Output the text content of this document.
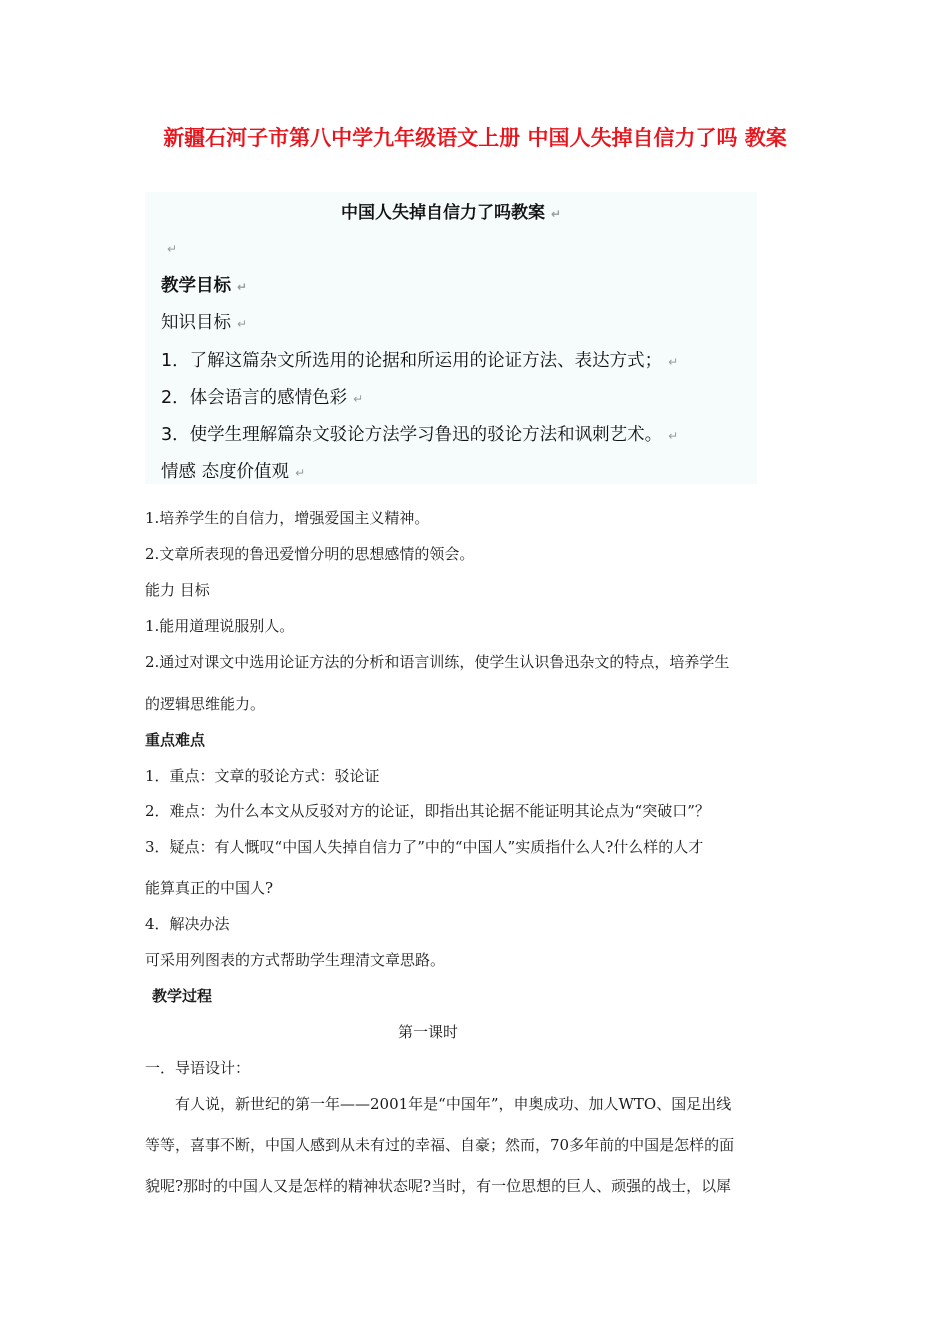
新疆石河子市第八中学九年级语文上册 中国人失掉自信力了吗 教案
中国人失掉自信力了吗教案 ↵
↵
教学目标 ↵
知识目标 ↵
1．了解这篇杂文所选用的论据和所运用的论证方法、表达方式； ↵
2．体会语言的感情色彩 ↵
3．使学生理解篇杂文驳论方法学习鲁迅的驳论方法和讽刺艺术。 ↵
情感 态度价值观 ↵
1.培养学生的自信力，增强爱国主义精神。
2.文章所表现的鲁迅爱憎分明的思想感情的领会。
能力 目标
1.能用道理说服别人。
2.通过对课文中选用论证方法的分析和语言训练，使学生认识鲁迅杂文的特点，培养学生
的逻辑思维能力。
重点难点
1．重点：文章的驳论方式：驳论证
2．难点：为什么本文从反驳对方的论证，即指出其论据不能证明其论点为“突破口”？
3．疑点：有人慨叹“中国人失掉自信力了”中的“中国人”实质指什么人?什么样的人才
能算真正的中国人?
4．解决办法
可采用列图表的方式帮助学生理清文章思路。
教学过程
第一课时
一．导语设计：
有人说，新世纪的第一年——2001年是“中国年”，申奥成功、加人WTO、国足出线
等等，喜事不断，中国人感到从未有过的幸福、自豪；然而，70多年前的中国是怎样的面
貌呢?那时的中国人又是怎样的精神状态呢?当时，有一位思想的巨人、顽强的战士，以犀
